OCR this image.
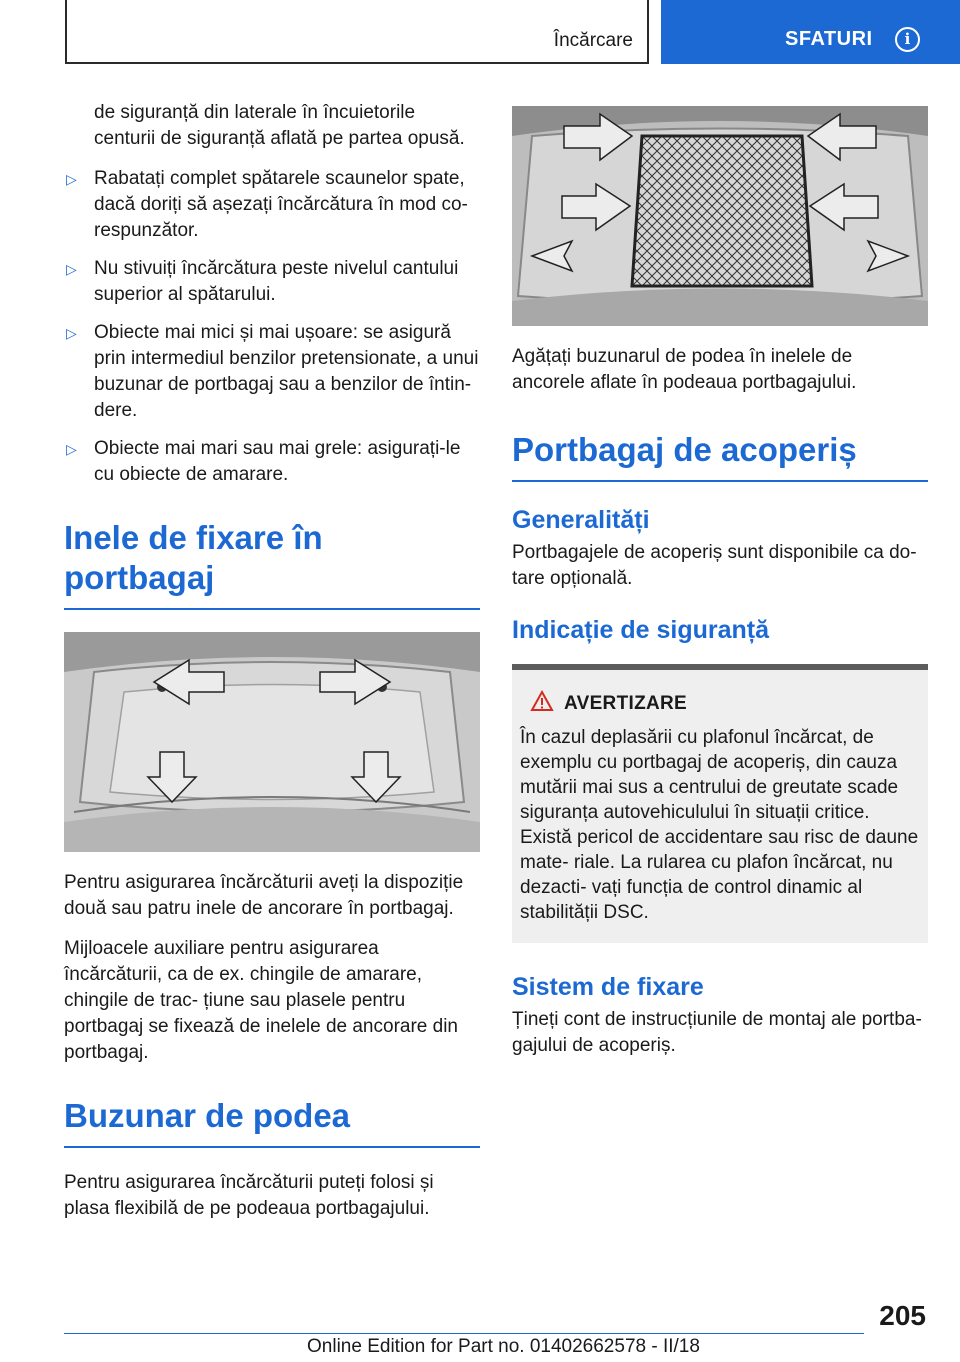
Încărcare	SFATURI	i

de siguranță din laterale în încuietorile centurii de siguranță aflată pe partea opusă.

▷ Rabatați complet spătarele scaunelor spate, dacă doriți să așezați încărcătura în mod co‐ respunzător.
▷ Nu stivuiți încărcătura peste nivelul cantului superior al spătarului.
▷ Obiecte mai mici și mai ușoare: se asigură prin intermediul benzilor pretensionate, a unui buzunar de portbagaj sau a benzilor de întin‐ dere.
▷ Obiecte mai mari sau mai grele: asigurați-le cu obiecte de amarare.
Inele de fixare în portbagaj

Pentru asigurarea încărcăturii aveți la dispoziție două sau patru inele de ancorare în portbagaj.

Mijloacele auxiliare pentru asigurarea încărcăturii, ca de ex. chingile de amarare, chingile de trac‐ țiune sau plasele pentru portbagaj se fixează de inelele de ancorare din portbagaj.

Buzunar de podea

Pentru asigurarea încărcăturii puteți folosi și plasa flexibilă de pe podeaua portbagajului.

Agățați buzunarul de podea în inelele de ancorele aflate în podeaua portbagajului.

Portbagaj de acoperiș
Generalități

Portbagajele de acoperiș sunt disponibile ca do‐ tare opțională.

Indicație de siguranță
AVERTIZARE

În cazul deplasării cu plafonul încărcat, de exemplu cu portbagaj de acoperiș, din cauza mutării mai sus a centrului de greutate scade siguranța autovehiculului în situații critice. Există pericol de accidentare sau risc de daune mate‐ riale. La rularea cu plafon încărcat, nu dezacti‐ vați funcția de control dinamic al stabilității DSC.

Sistem de fixare

Țineți cont de instrucțiunile de montaj ale portba‐ gajului de acoperiș.

205
Online Edition for Part no. 01402662578 - II/18
